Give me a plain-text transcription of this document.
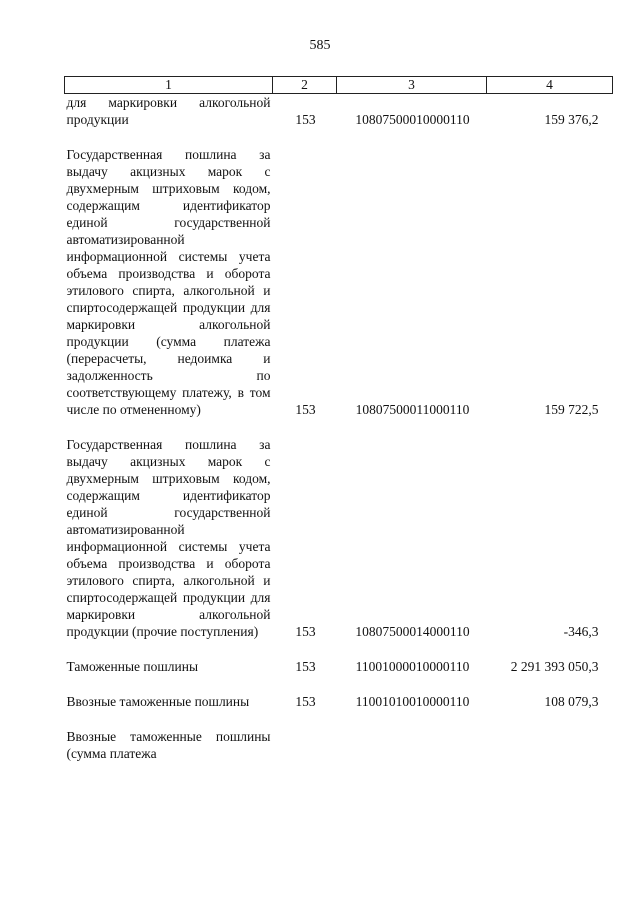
585
1	2	3	4
для маркировки алкогольной продукции	153	10807500010000110	159 376,2
Государственная пошлина за выдачу акцизных марок с двухмерным штриховым кодом, содержащим идентификатор единой государственной автоматизированной информационной системы учета объема производства и оборота этилового спирта, алкогольной и спиртосодержащей продукции для маркировки алкогольной продукции (сумма платежа (перерасчеты, недоимка и задолженность по соответствующему платежу, в том числе по отмененному)	153	10807500011000110	159 722,5
Государственная пошлина за выдачу акцизных марок с двухмерным штриховым кодом, содержащим идентификатор единой государственной автоматизированной информационной системы учета объема производства и оборота этилового спирта, алкогольной и спиртосодержащей продукции для маркировки алкогольной продукции (прочие поступления)	153	10807500014000110	-346,3
Таможенные пошлины	153	11001000010000110	2 291 393 050,3
Ввозные таможенные пошлины	153	11001010010000110	108 079,3
Ввозные таможенные пошлины (сумма платежа			
